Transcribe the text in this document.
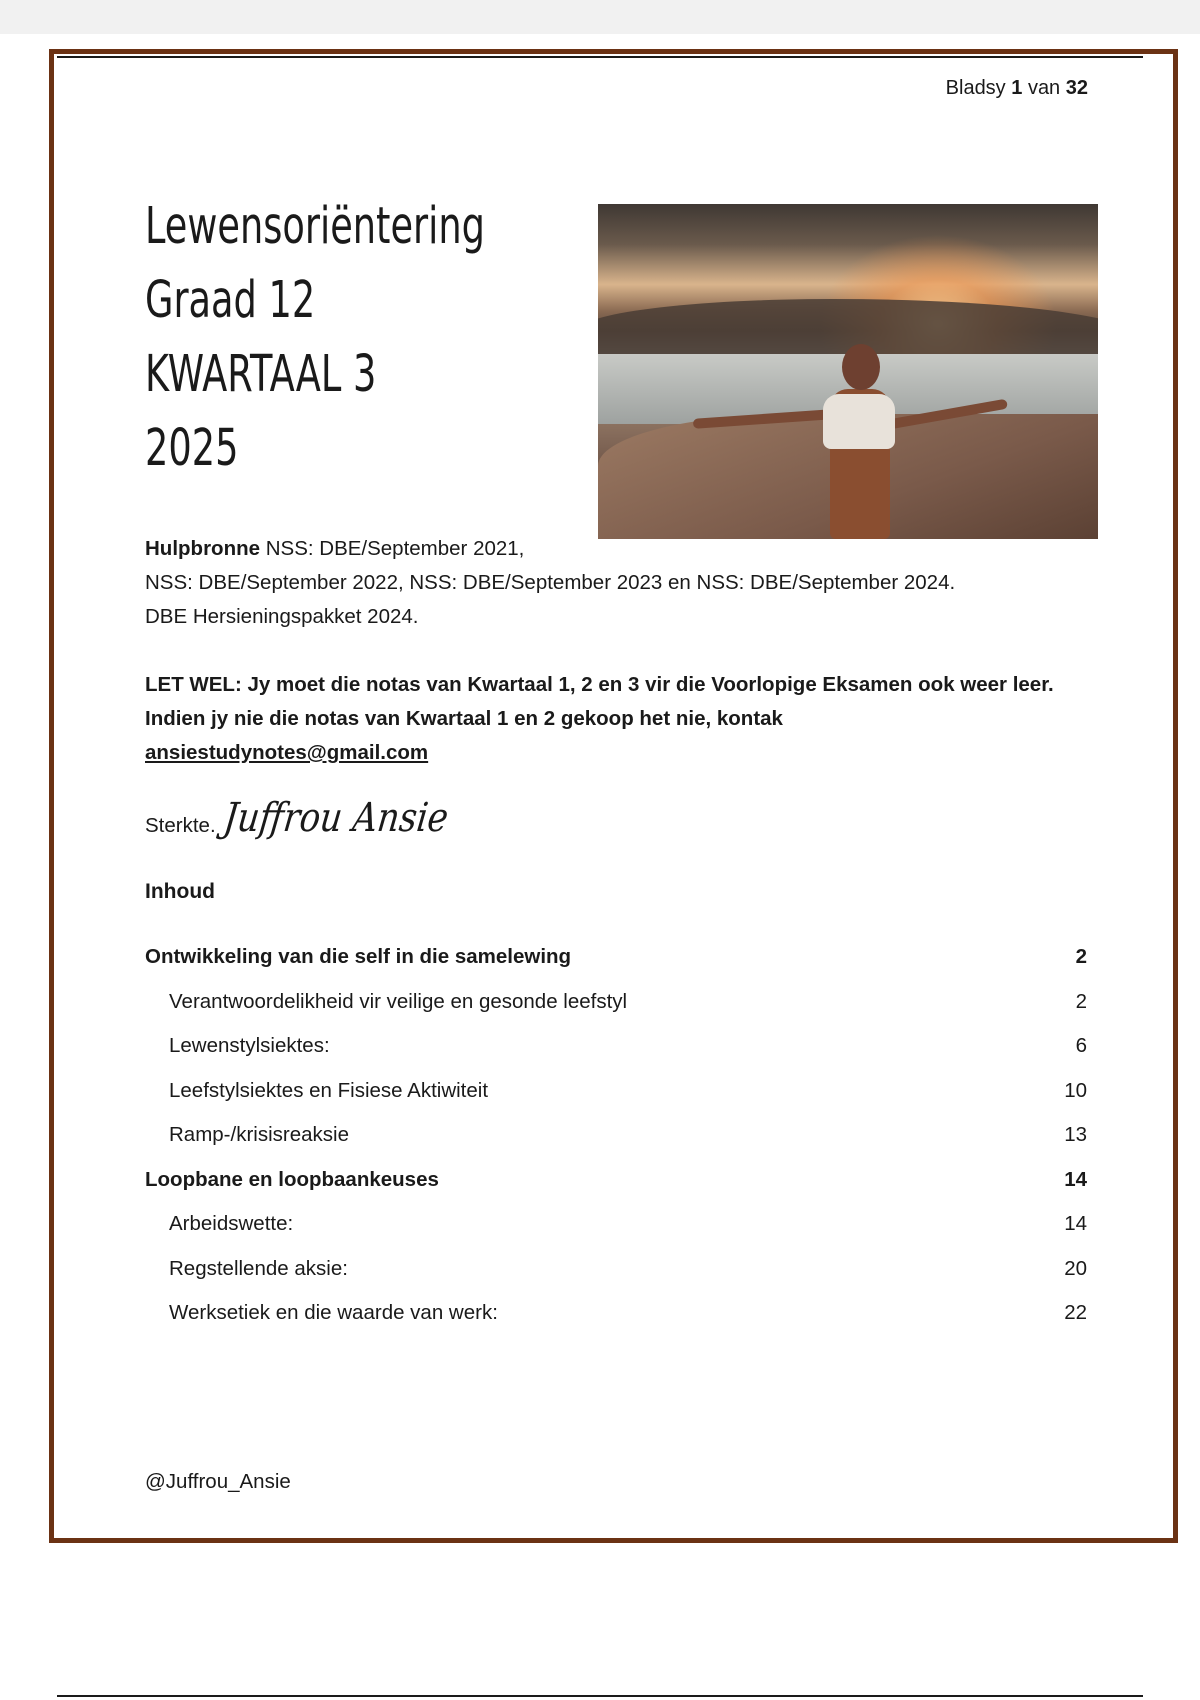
Bladsy 1 van 32
Lewensoriëntering
Graad 12
KWARTAAL 3
2025
Hulpbronne NSS: DBE/September 2021,
NSS: DBE/September 2022, NSS: DBE/September 2023 en NSS: DBE/September 2024.
DBE Hersieningspakket 2024.
LET WEL: Jy moet die notas van Kwartaal 1, 2 en 3 vir die Voorlopige Eksamen ook weer leer. Indien jy nie die notas van Kwartaal 1 en 2 gekoop het nie, kontak
ansiestudynotes@gmail.com
Sterkte. Juffrou Ansie
Inhoud
Ontwikkeling van die self in die samelewing	2
Verantwoordelikheid vir veilige en gesonde leefstyl	2
Lewenstylsiektes:	6
Leefstylsiektes en Fisiese Aktiwiteit	10
Ramp-/krisisreaksie	13
Loopbane en loopbaankeuses	14
Arbeidswette:	14
Regstellende aksie:	20
Werksetiek en die waarde van werk:	22
@Juffrou_Ansie
